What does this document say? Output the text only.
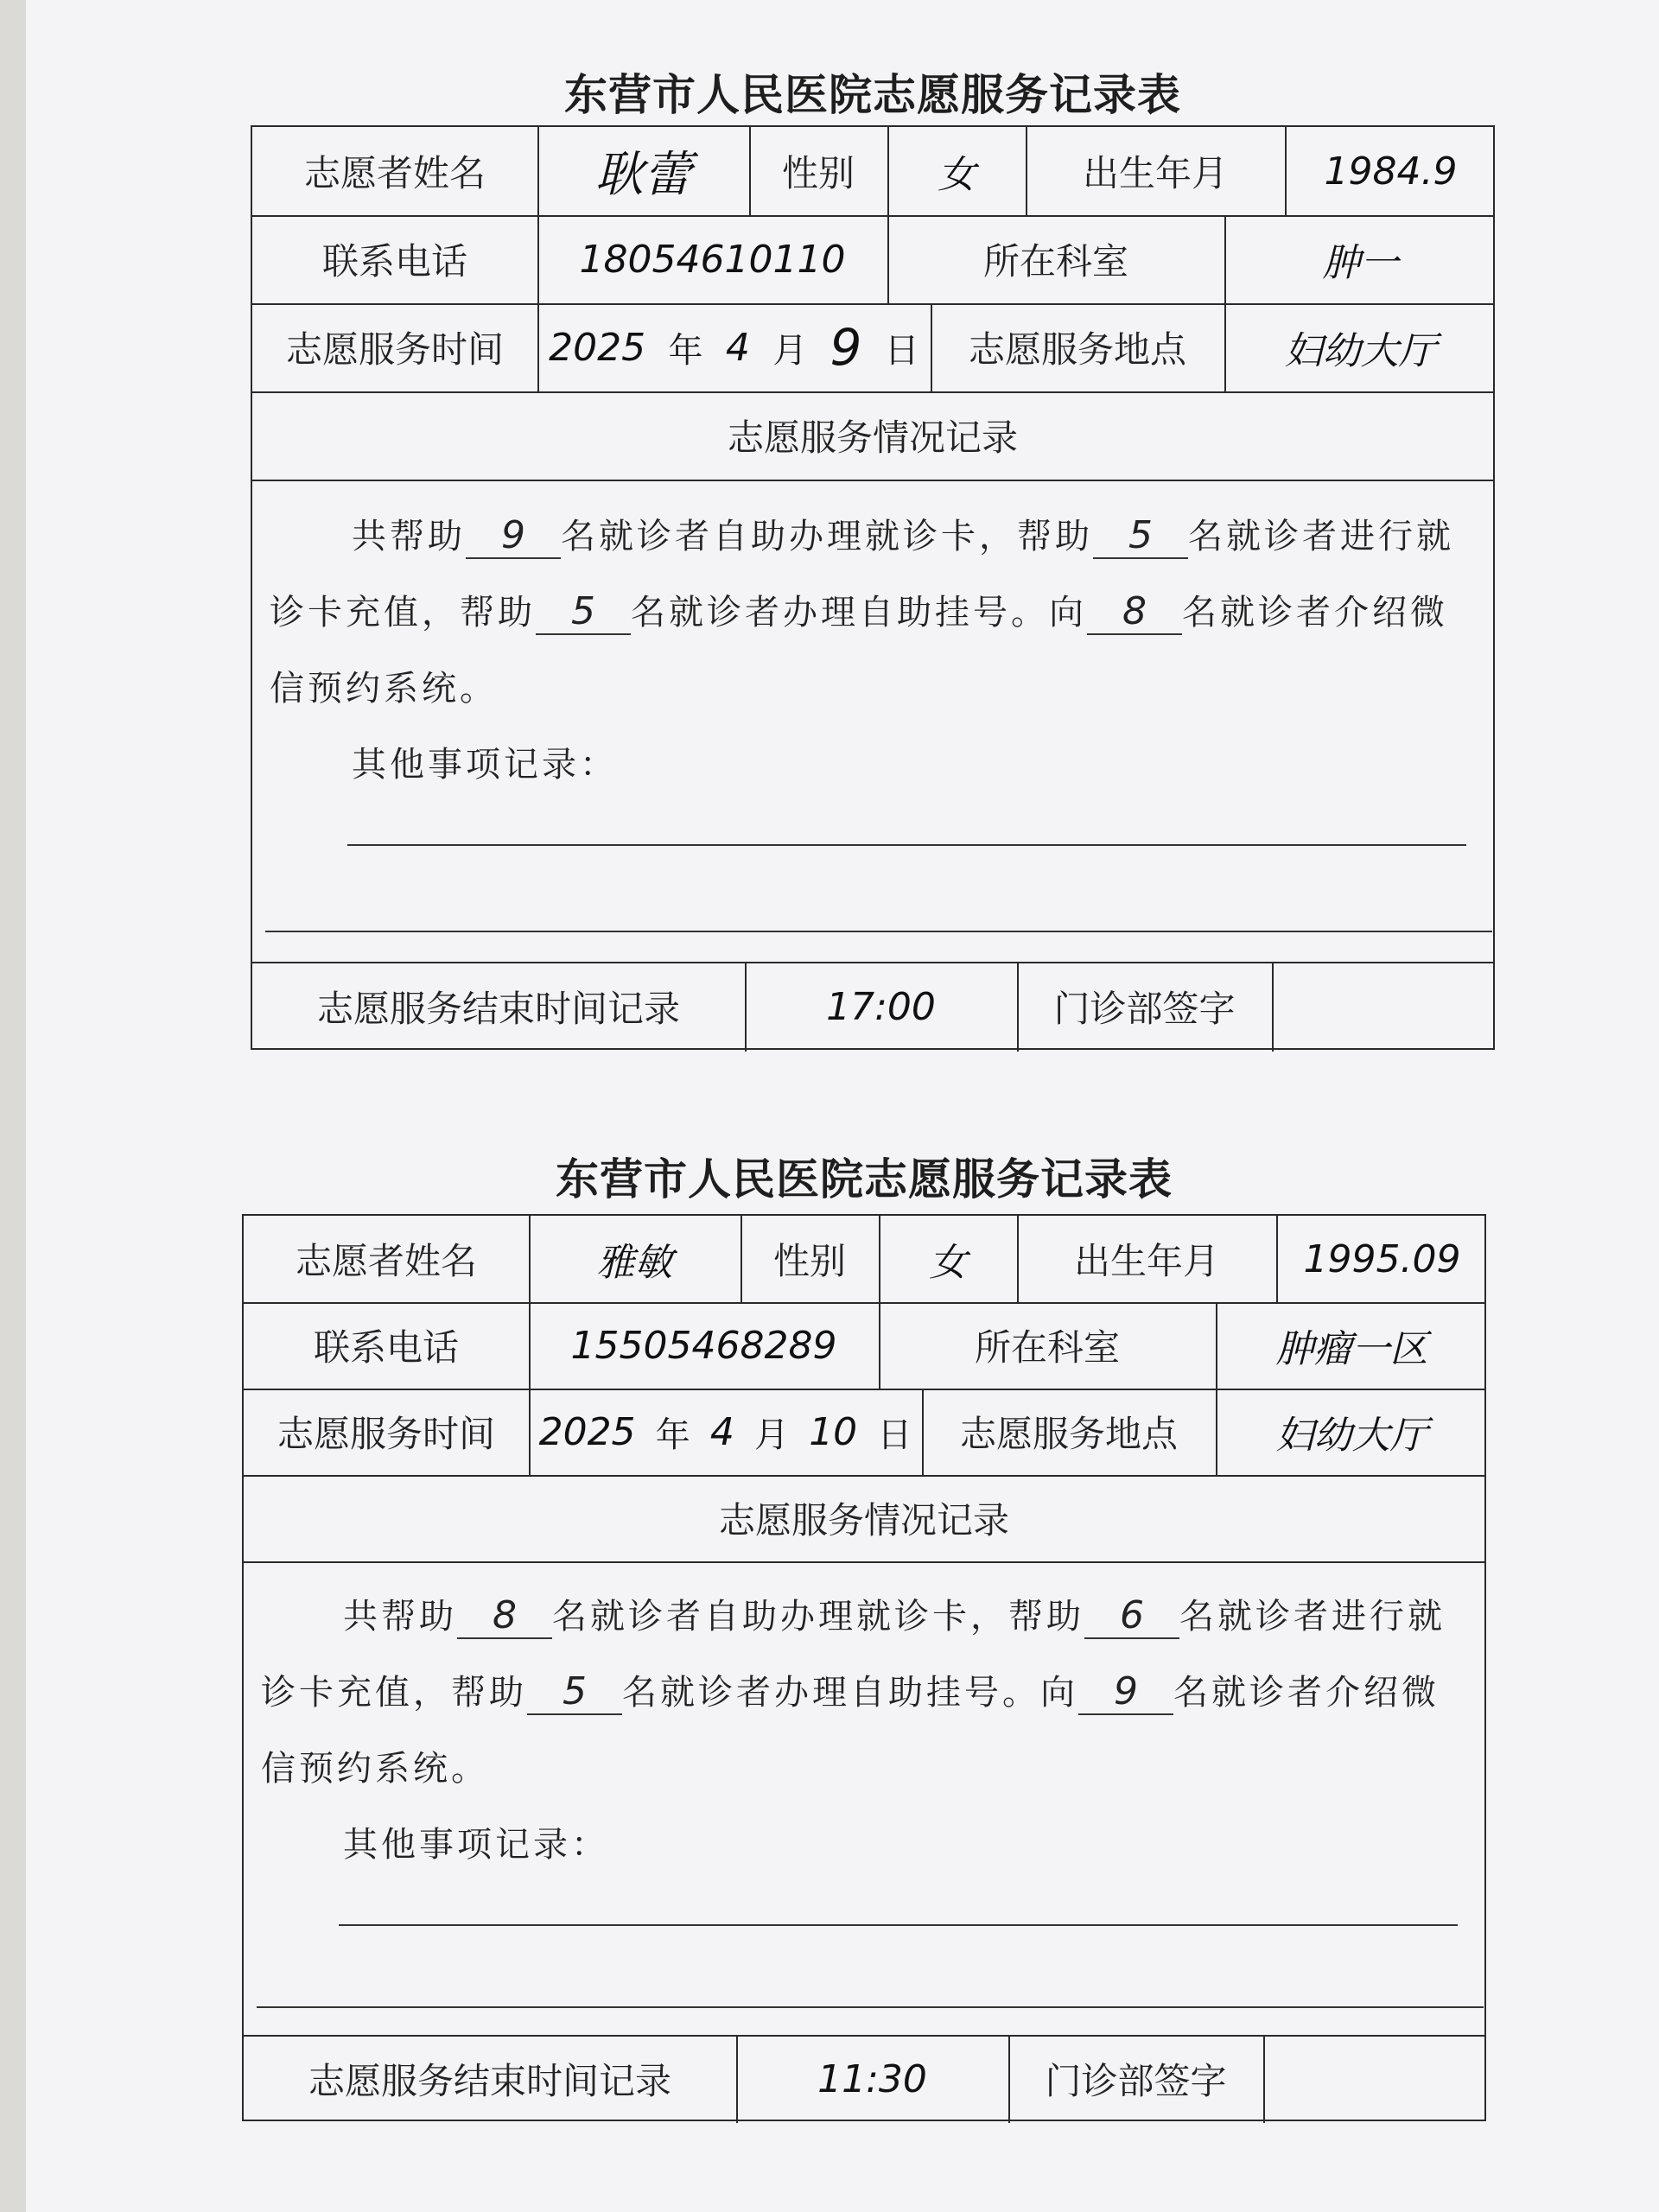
东营市人民医院志愿服务记录表
志愿者姓名	耿蕾	性别	女	出生年月	1984.9
联系电话	18054610110	所在科室	肿一
志愿服务时间	2025 年 4 月 9 日	志愿服务地点	妇幼大厅
志愿服务情况记录
共帮助 9 名就诊者自助办理就诊卡，帮助 5 名就诊者进行就
诊卡充值，帮助 5 名就诊者办理自助挂号。向 8 名就诊者介绍微
信预约系统。
其他事项记录：
志愿服务结束时间记录	17:00	门诊部签字
东营市人民医院志愿服务记录表
志愿者姓名	雅敏	性别	女	出生年月	1995.09
联系电话	15505468289	所在科室	肿瘤一区
志愿服务时间	2025 年 4 月 10 日	志愿服务地点	妇幼大厅
志愿服务情况记录
共帮助 8 名就诊者自助办理就诊卡，帮助 6 名就诊者进行就
诊卡充值，帮助 5 名就诊者办理自助挂号。向 9 名就诊者介绍微
信预约系统。
其他事项记录：
志愿服务结束时间记录	11:30	门诊部签字
